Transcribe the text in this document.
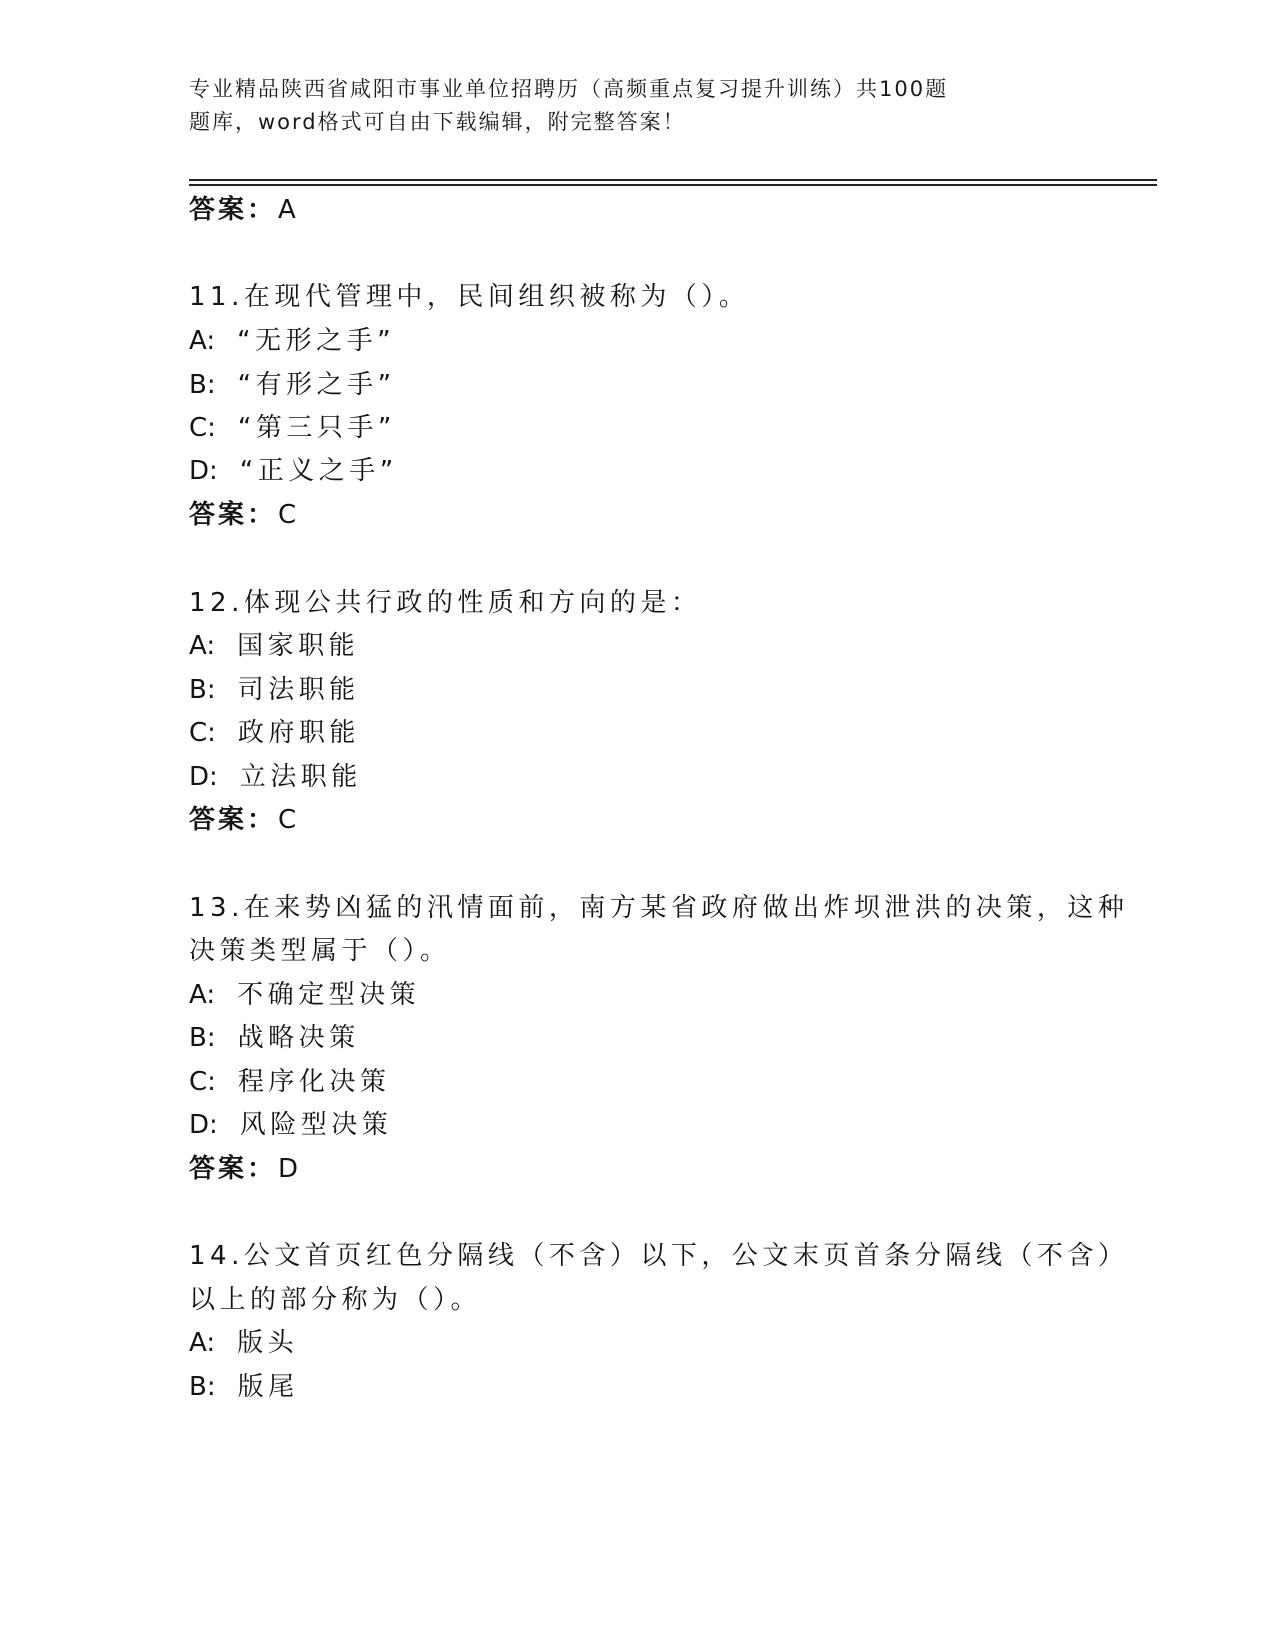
专业精品陕西省咸阳市事业单位招聘历（高频重点复习提升训练）共100题
题库，word格式可自由下载编辑，附完整答案！
答案：A
11.在现代管理中，民间组织被称为（）。
A: “无形之手”
B: “有形之手”
C: “第三只手”
D: “正义之手”
答案：C
12.体现公共行政的性质和方向的是：
A: 国家职能
B: 司法职能
C: 政府职能
D: 立法职能
答案：C
13.在来势凶猛的汛情面前，南方某省政府做出炸坝泄洪的决策，这种
决策类型属于（）。
A: 不确定型决策
B: 战略决策
C: 程序化决策
D: 风险型决策
答案：D
14.公文首页红色分隔线（不含）以下，公文末页首条分隔线（不含）
以上的部分称为（）。
A: 版头
B: 版尾
